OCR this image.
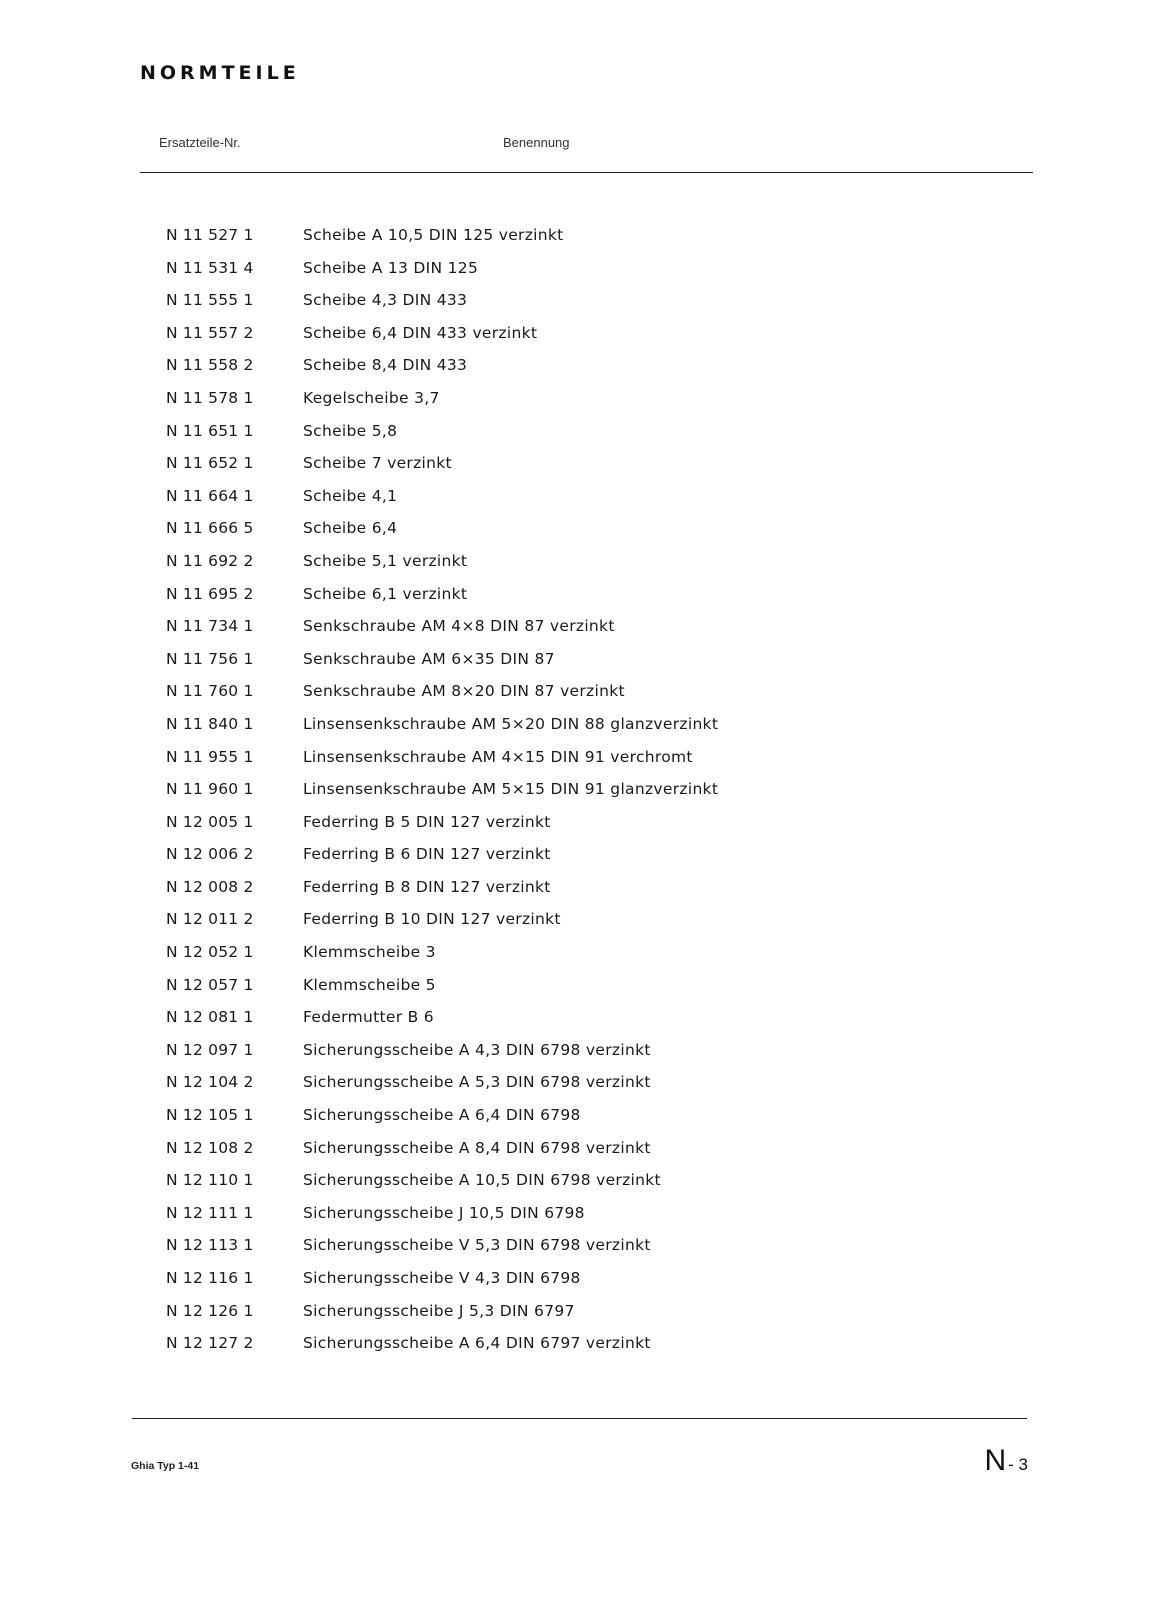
NORMTEILE
Ersatzteile-Nr.	Benennung
N 11 527 1	Scheibe A 10,5 DIN 125 verzinkt
N 11 531 4	Scheibe A 13 DIN 125
N 11 555 1	Scheibe 4,3 DIN 433
N 11 557 2	Scheibe 6,4 DIN 433 verzinkt
N 11 558 2	Scheibe 8,4 DIN 433
N 11 578 1	Kegelscheibe 3,7
N 11 651 1	Scheibe 5,8
N 11 652 1	Scheibe 7 verzinkt
N 11 664 1	Scheibe 4,1
N 11 666 5	Scheibe 6,4
N 11 692 2	Scheibe 5,1 verzinkt
N 11 695 2	Scheibe 6,1 verzinkt
N 11 734 1	Senkschraube AM 4×8 DIN 87 verzinkt
N 11 756 1	Senkschraube AM 6×35 DIN 87
N 11 760 1	Senkschraube AM 8×20 DIN 87 verzinkt
N 11 840 1	Linsensenkschraube AM 5×20 DIN 88 glanzverzinkt
N 11 955 1	Linsensenkschraube AM 4×15 DIN 91 verchromt
N 11 960 1	Linsensenkschraube AM 5×15 DIN 91 glanzverzinkt
N 12 005 1	Federring B 5 DIN 127 verzinkt
N 12 006 2	Federring B 6 DIN 127 verzinkt
N 12 008 2	Federring B 8 DIN 127 verzinkt
N 12 011 2	Federring B 10 DIN 127 verzinkt
N 12 052 1	Klemmscheibe 3
N 12 057 1	Klemmscheibe 5
N 12 081 1	Federmutter B 6
N 12 097 1	Sicherungsscheibe A 4,3 DIN 6798 verzinkt
N 12 104 2	Sicherungsscheibe A 5,3 DIN 6798 verzinkt
N 12 105 1	Sicherungsscheibe A 6,4 DIN 6798
N 12 108 2	Sicherungsscheibe A 8,4 DIN 6798 verzinkt
N 12 110 1	Sicherungsscheibe A 10,5 DIN 6798 verzinkt
N 12 111 1	Sicherungsscheibe J 10,5 DIN 6798
N 12 113 1	Sicherungsscheibe V 5,3 DIN 6798 verzinkt
N 12 116 1	Sicherungsscheibe V 4,3 DIN 6798
N 12 126 1	Sicherungsscheibe J 5,3 DIN 6797
N 12 127 2	Sicherungsscheibe A 6,4 DIN 6797 verzinkt
Ghia Typ 1-41	N - 3
